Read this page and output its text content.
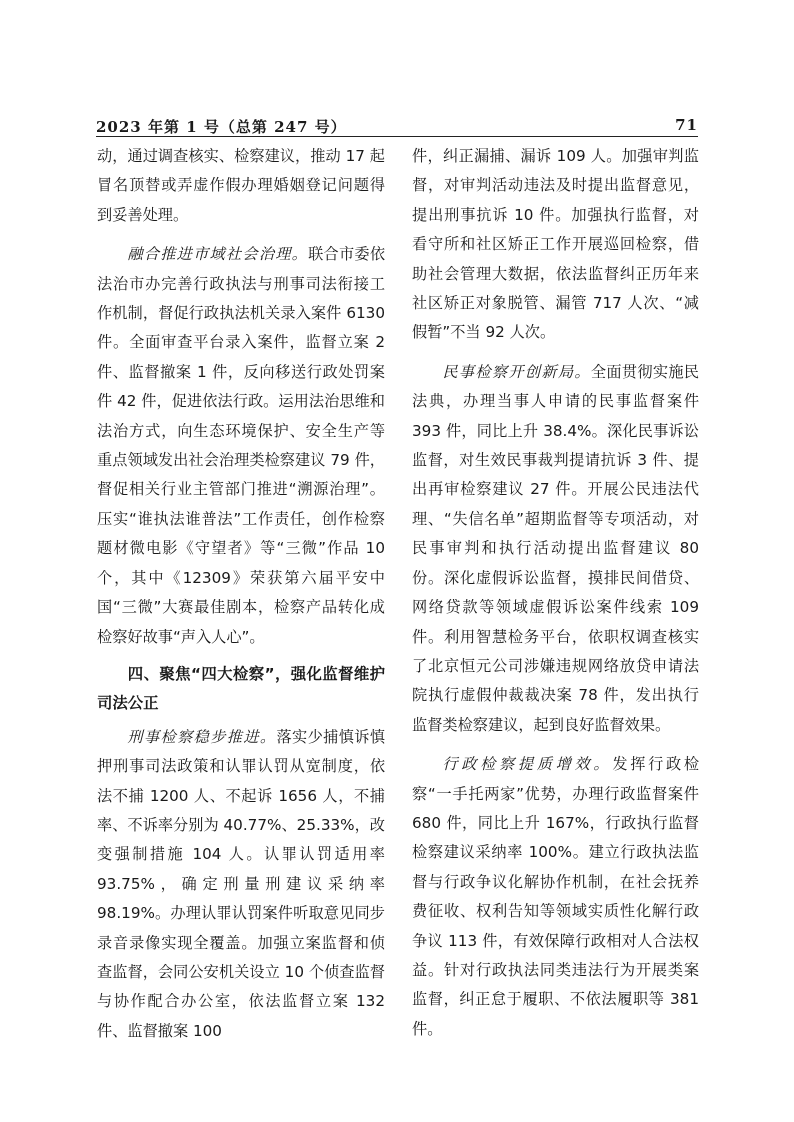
2023 年第 1 号（总第 247 号）	71

动，通过调查核实、检察建议，推动 17 起冒名顶替或弄虚作假办理婚姻登记问题得到妥善处理。

融合推进市域社会治理。联合市委依法治市办完善行政执法与刑事司法衔接工作机制，督促行政执法机关录入案件 6130 件。全面审查平台录入案件，监督立案 2 件、监督撤案 1 件，反向移送行政处罚案件 42 件，促进依法行政。运用法治思维和法治方式，向生态环境保护、安全生产等重点领域发出社会治理类检察建议 79 件，督促相关行业主管部门推进“溯源治理”。压实“谁执法谁普法”工作责任，创作检察题材微电影《守望者》等“三微”作品 10 个，其中《12309》荣获第六届平安中国“三微”大赛最佳剧本，检察产品转化成检察好故事“声入人心”。

四、聚焦“四大检察”，强化监督维护司法公正

刑事检察稳步推进。落实少捕慎诉慎押刑事司法政策和认罪认罚从宽制度，依法不捕 1200 人、不起诉 1656 人，不捕率、不诉率分别为 40.77%、25.33%，改变强制措施 104 人。认罪认罚适用率 93.75%，确定刑量刑建议采纳率 98.19%。办理认罪认罚案件听取意见同步录音录像实现全覆盖。加强立案监督和侦查监督，会同公安机关设立 10 个侦查监督与协作配合办公室，依法监督立案 132 件、监督撤案 100

件，纠正漏捕、漏诉 109 人。加强审判监督，对审判活动违法及时提出监督意见，提出刑事抗诉 10 件。加强执行监督，对看守所和社区矫正工作开展巡回检察，借助社会管理大数据，依法监督纠正历年来社区矫正对象脱管、漏管 717 人次、“减假暂”不当 92 人次。

民事检察开创新局。全面贯彻实施民法典，办理当事人申请的民事监督案件 393 件，同比上升 38.4%。深化民事诉讼监督，对生效民事裁判提请抗诉 3 件、提出再审检察建议 27 件。开展公民违法代理、“失信名单”超期监督等专项活动，对民事审判和执行活动提出监督建议 80 份。深化虚假诉讼监督，摸排民间借贷、网络贷款等领域虚假诉讼案件线索 109 件。利用智慧检务平台，依职权调查核实了北京恒元公司涉嫌违规网络放贷申请法院执行虚假仲裁裁决案 78 件，发出执行监督类检察建议，起到良好监督效果。

行政检察提质增效。发挥行政检察“一手托两家”优势，办理行政监督案件 680 件，同比上升 167%，行政执行监督检察建议采纳率 100%。建立行政执法监督与行政争议化解协作机制，在社会抚养费征收、权利告知等领域实质性化解行政争议 113 件，有效保障行政相对人合法权益。针对行政执法同类违法行为开展类案监督，纠正怠于履职、不依法履职等 381 件。
